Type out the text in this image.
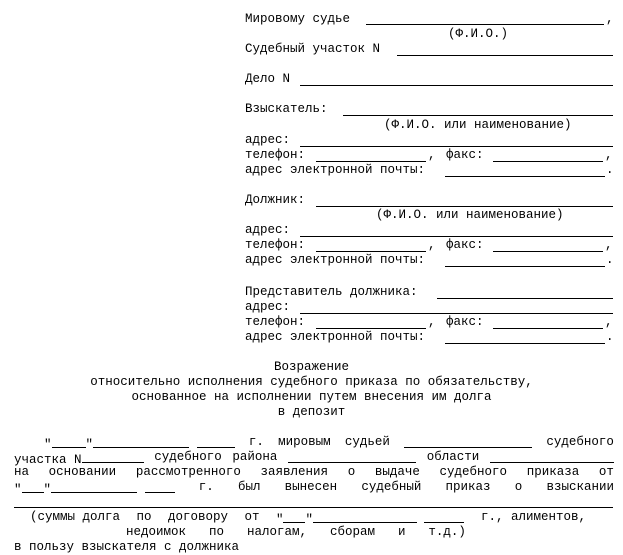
Мировому судье	,
(Ф.И.О.)
Судебный участок N
Дело N
Взыскатель:
(Ф.И.О. или наименование)
адрес:
телефон:	, факс:	,
адрес электронной почты:	.
Должник:
(Ф.И.О. или наименование)
адрес:
телефон:	, факс:	,
адрес электронной почты:	.
Представитель должника:
адрес:
телефон:	, факс:	,
адрес электронной почты:	.
Возражение
относительно исполнения судебного приказа по обязательству,
основанное на исполнении путем внесения им долга
в депозит
"	"	г. мировым судьей	судебного
участка N	судебного района	области
на основании рассмотренного заявления о выдаче судебного приказа от
" "	г. был вынесен судебный приказ о взыскании
(суммы долга по договору от " "	г., алиментов,
недоимок по налогам, сборам и т.д.)
в пользу взыскателя с должника
